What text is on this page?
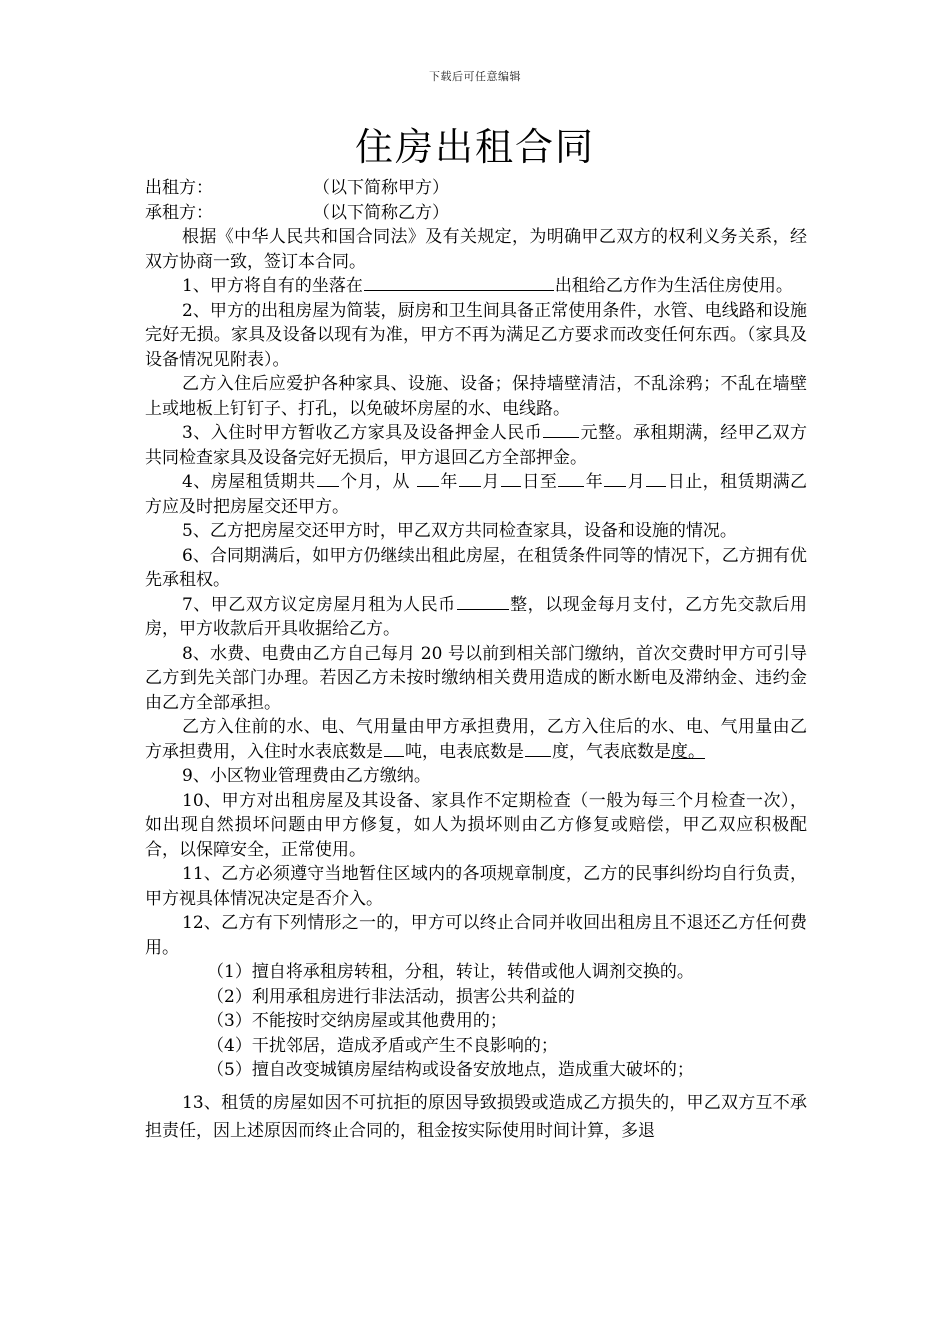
下载后可任意编辑
住房出租合同

出租方：	（以下简称甲方）

承租方：	（以下简称乙方）

根据《中华人民共和国合同法》及有关规定，为明确甲乙双方的权利义务关系，经双方协商一致，签订本合同。

1、甲方将自有的坐落在	出租给乙方作为生活住房使用。

2、甲方的出租房屋为简装，厨房和卫生间具备正常使用条件，水管、电线路和设施完好无损。家具及设备以现有为准，甲方不再为满足乙方要求而改变任何东西。（家具及设备情况见附表）。

乙方入住后应爱护各种家具、设施、设备；保持墙壁清洁，不乱涂鸦；不乱在墙壁上或地板上钉钉子、打孔，以免破坏房屋的水、电线路。

3、入住时甲方暂收乙方家具及设备押金人民币 元整。承租期满，经甲乙双方共同检查家具及设备完好无损后，甲方退回乙方全部押金。

4、房屋租赁期共 个月，从 年 月 日至 年 月 日止，租赁期满乙方应及时把房屋交还甲方。

5、乙方把房屋交还甲方时，甲乙双方共同检查家具，设备和设施的情况。

6、合同期满后，如甲方仍继续出租此房屋，在租赁条件同等的情况下，乙方拥有优先承租权。

7、甲乙双方议定房屋月租为人民币	整，以现金每月支付，乙方先交款后用房，甲方收款后开具收据给乙方。

8、水费、电费由乙方自己每月 20 号以前到相关部门缴纳，首次交费时甲方可引导乙方到先关部门办理。若因乙方未按时缴纳相关费用造成的断水断电及滞纳金、违约金由乙方全部承担。

乙方入住前的水、电、气用量由甲方承担费用，乙方入住后的水、电、气用量由乙方承担费用，入住时水表底数是 吨，电表底数是 度，气表底数是度。

9、小区物业管理费由乙方缴纳。

10、甲方对出租房屋及其设备、家具作不定期检查（一般为每三个月检查一次），如出现自然损坏问题由甲方修复，如人为损坏则由乙方修复或赔偿，甲乙双应积极配合，以保障安全，正常使用。

11、乙方必须遵守当地暂住区域内的各项规章制度，乙方的民事纠纷均自行负责，甲方视具体情况决定是否介入。

12、乙方有下列情形之一的，甲方可以终止合同并收回出租房且不退还乙方任何费用。

（1）擅自将承租房转租，分租，转让，转借或他人调剂交换的。

（2）利用承租房进行非法活动，损害公共利益的

（3）不能按时交纳房屋或其他费用的；

（4）干扰邻居，造成矛盾或产生不良影响的；

（5）擅自改变城镇房屋结构或设备安放地点，造成重大破坏的；

13、租赁的房屋如因不可抗拒的原因导致损毁或造成乙方损失的，甲乙双方互不承担责任，因上述原因而终止合同的，租金按实际使用时间计算，多退
